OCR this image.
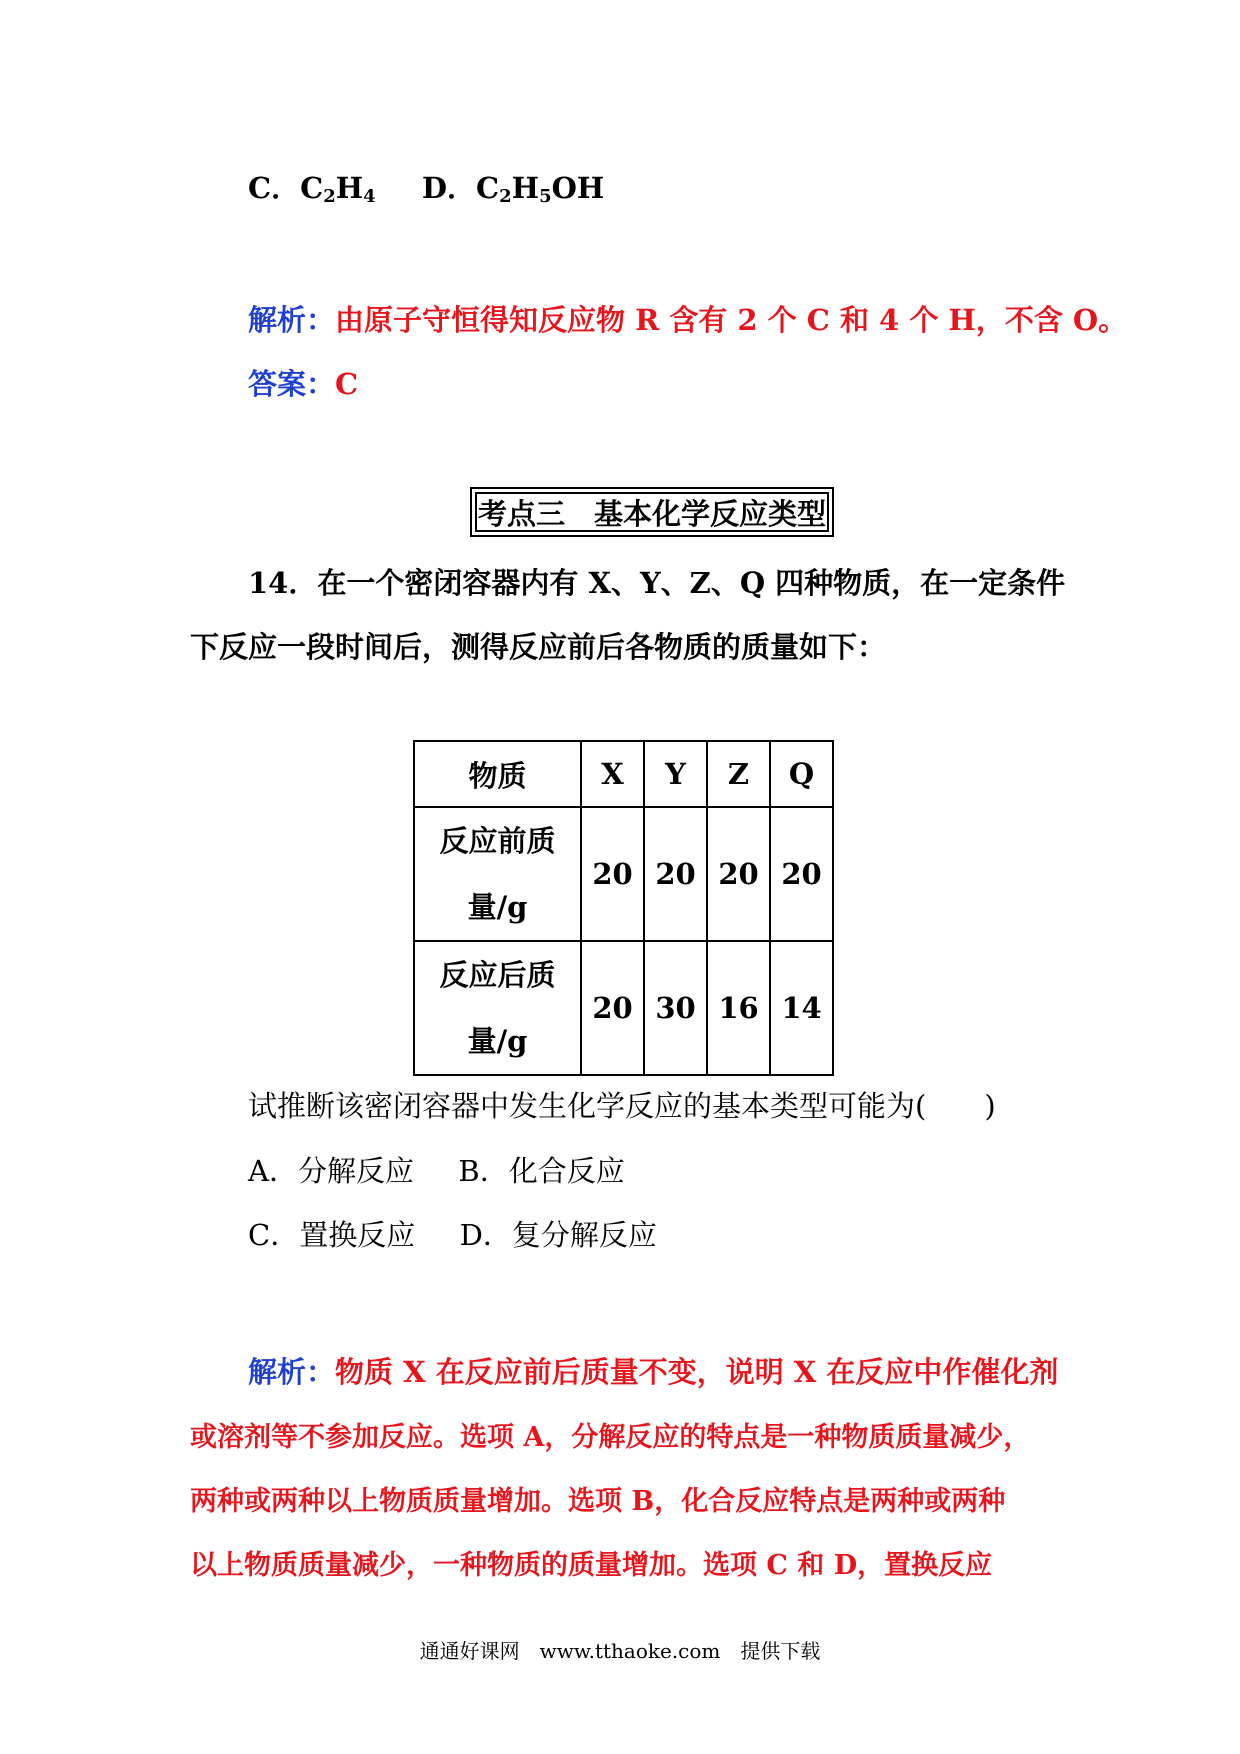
C．$C_2H_4$ D．$C_2H_5OH$
解析：由原子守恒得知反应物 R 含有 2 个 C 和 4 个 H，不含 O。
答案：C
考点三　基本化学反应类型
14．在一个密闭容器内有 X、Y、Z、Q 四种物质，在一定条件
下反应一段时间后，测得反应前后各物质的质量如下：
物质	X	Y	Z	Q

反应前质
量/g	20	20	20	20

反应后质
量/g	20	30	16	14
试推断该密闭容器中发生化学反应的基本类型可能为(　　)
A．分解反应 B．化合反应
C．置换反应 D．复分解反应
解析：物质 X 在反应前后质量不变，说明 X 在反应中作催化剂
或溶剂等不参加反应。选项 A，分解反应的特点是一种物质质量减少，
两种或两种以上物质质量增加。选项 B，化合反应特点是两种或两种
以上物质质量减少，一种物质的质量增加。选项 C 和 D，置换反应
通通好课网　www.tthaoke.com　提供下载
